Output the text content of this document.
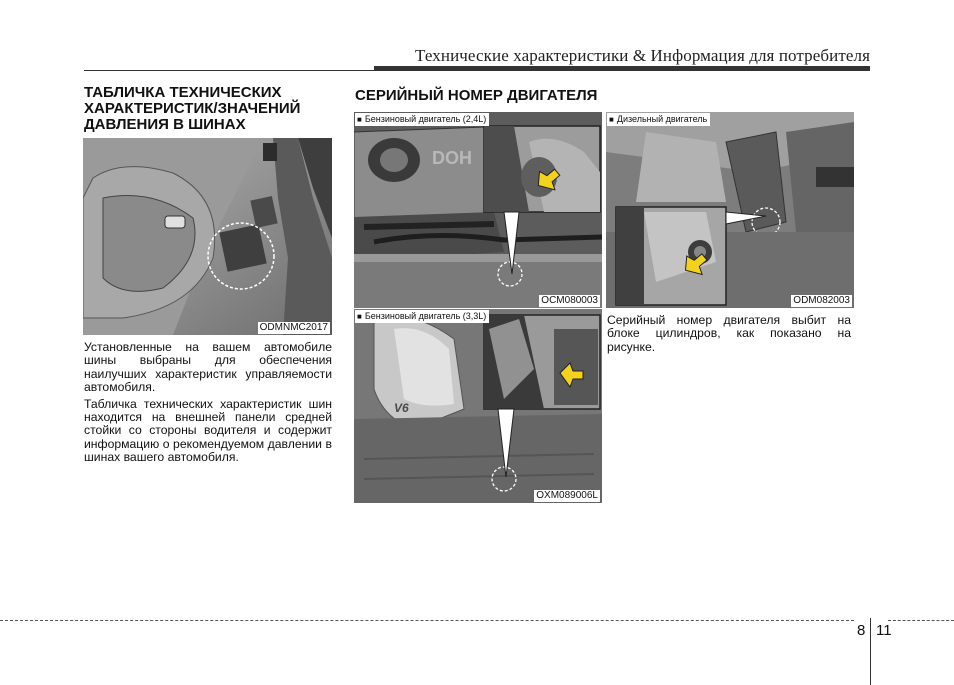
Технические характеристики & Информация для потребителя
ТАБЛИЧКА ТЕХНИЧЕСКИХ
ХАРАКТЕРИСТИК/ЗНАЧЕНИЙ
ДАВЛЕНИЯ В ШИНАХ
ODMNMC2017

Установленные на вашем автомобиле шины выбраны для обеспечения наилучших характеристик управляемости автомобиля.

Табличка технических характеристик шин находится на внешней панели средней стойки со стороны водителя и содержит информацию о рекомендуемом давлении в шинах вашего автомобиля.

СЕРИЙНЫЙ НОМЕР ДВИГАТЕЛЯ
DOH
■ Бензиновый двигатель (2,4L)
OCM080003
■ Дизельный двигатель
ODM082003
V6
■ Бензиновый двигатель (3,3L)
OXM089006L

Серийный номер двигателя выбит на блоке цилиндров, как показано на рисунке.

8 11
